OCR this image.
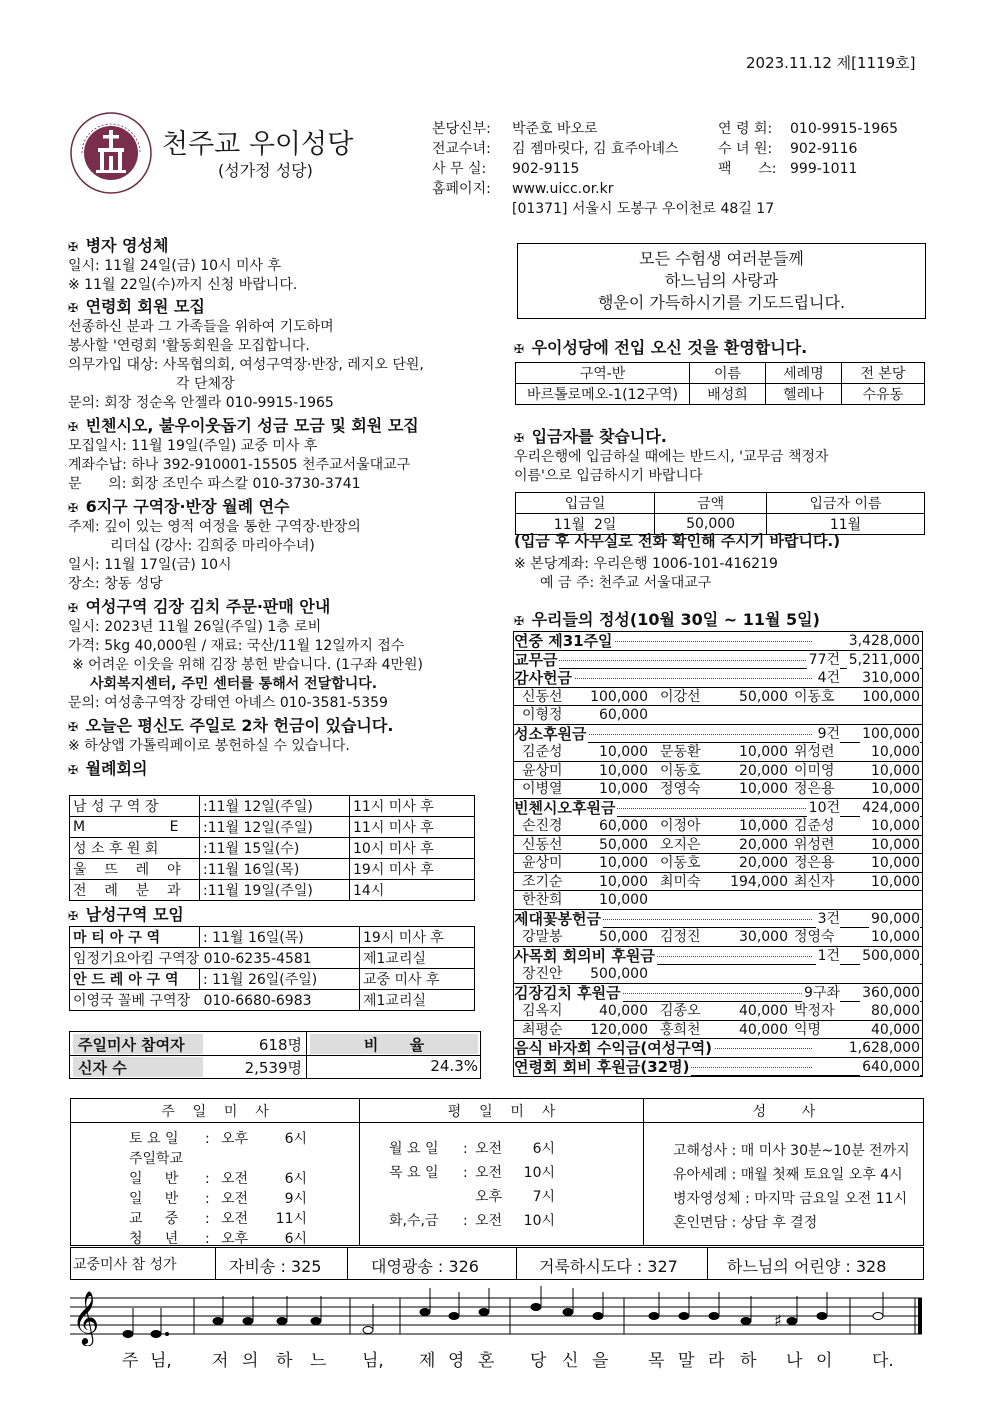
2023.11.12 제[1119호]
천주교 우이성당
(성가정 성당)
본당신부: 박준호 바오로
전교수녀: 김 젬마릿다, 김 효주아녜스
사 무 실: 902-9115
홈페이지: www.uicc.or.kr
[01371] 서울시 도봉구 우이천로 48길 17
연 령 회: 010-9915-1965
수 녀 원: 902-9116
팩      스: 999-1011
✠ 병자 영성체
일시: 11월 24일(금) 10시 미사 후
※ 11월 22일(수)까지 신청 바랍니다.
✠ 연령회 회원 모집
선종하신 분과 그 가족들을 위하여 기도하며
봉사할 '연령회 '활동회원을 모집합니다.
의무가입 대상: 사목협의회, 여성구역장·반장, 레지오 단원,
각 단체장
문의: 회장 정순옥 안젤라 010-9915-1965
✠ 빈첸시오, 불우이웃돕기 성금 모금 및 회원 모집
모집일시: 11월 19일(주일) 교중 미사 후
계좌수납: 하나 392-910001-15505 천주교서울대교구
문      의: 회장 조민수 파스칼 010-3730-3741
✠ 6지구 구역장·반장 월례 연수
주제: 깊이 있는 영적 여정을 통한 구역장·반장의
리더십 (강사: 김희중 마리아수녀)
일시: 11월 17일(금) 10시
장소: 창동 성당
✠ 여성구역 김장 김치 주문·판매 안내
일시: 2023년 11월 26일(주일) 1층 로비
가격: 5kg 40,000원 / 재료: 국산/11월 12일까지 접수
※ 어려운 이웃을 위해 김장 봉헌 받습니다. (1구좌 4만원)
사회복지센터, 주민 센터를 통해서 전달합니다.
문의: 여성총구역장 강태연 아녜스 010-3581-5359
✠ 오늘은 평신도 주일로 2차 헌금이 있습니다.
※ 하상앱 가톨릭페이로 봉헌하실 수 있습니다.
✠ 월례회의
남 성 구 역 장	:11월 12일(주일)	11시 미사 후
M                   E	:11월 12일(주일)	11시 미사 후
성 소 후 원 회	:11월 15일(수)	10시 미사 후
울    뜨    레    야	:11월 16일(목)	19시 미사 후
전    례    분    과	:11월 19일(주일)	14시
✠ 남성구역 모임
마 티 아 구 역	: 11월 16일(목)	19시 미사 후
임정기요아킴 구역장 010-6235-4581		제1교리실
안 드 레 아 구 역	: 11월 26일(주일)	교중 미사 후
이영국 꼴베 구역장   010-6680-6983		제1교리실
주일미사 참여자	618명	비      율
신자 수	2,539명	24.3%
모든 수험생 여러분들께
하느님의 사랑과
행운이 가득하시기를 기도드립니다.
✠ 우이성당에 전입 오신 것을 환영합니다.
구역-반	이름	세례명	전 본당
바르톨로메오-1(12구역)	배성희	헬레나	수유동
✠ 입금자를 찾습니다.
우리은행에 입금하실 때에는 반드시, '교무금 책정자
이름'으로 입금하시기 바랍니다
입금일	금액	입금자 이름
11월  2일	50,000	11월
(입금 후 사무실로 전화 확인해 주시기 바랍니다.)
※ 본당계좌: 우리은행 1006-101-416219
예 금 주: 천주교 서울대교구
✠ 우리들의 정성(10월 30일 ~ 11월 5일)
연중 제31주일	3,428,000
교무금	77건 5,211,000
감사헌금	4건 310,000
신동선 100,000 이강선	50,000 이동호 100,000
이형정	60,000
성소후원금	9건 100,000
김준성	10,000 문동환	10,000 위성련	10,000
윤상미	10,000 이동호	20,000 이미영	10,000
이병열	10,000 정영숙	10,000 정은용	10,000
빈첸시오후원금	10건 424,000
손진경	60,000 이정아	10,000 김준성	10,000
신동선	50,000 오지은	20,000 위성련	10,000
윤상미	10,000 이동호	20,000 정은용	10,000
조기순	10,000 최미숙 194,000 최신자	10,000
한찬희	10,000
제대꽃봉헌금	3건 90,000
강말봉	50,000 김정진	30,000 정영숙	10,000
사목회 회의비 후원금	1건 500,000
장진안 500,000
김장김치 후원금	9구좌 360,000
김옥지	40,000 김종오	40,000 박정자	80,000
최평순 120,000 홍희천	40,000 익명	40,000
음식 바자회 수익금(여성구역)	1,628,000
연령회 회비 후원금(32명)	640,000
주    일    미    사	평    일    미    사	성        사
토 요 일 : 오후	6시
주일학교
일     반 : 오전	6시
일     반 : 오전	9시
교     중 : 오전 11시
청     년 : 오후	6시
월 요 일 : 오전 6시
목 요 일 : 오전 10시
오후 7시
화,수,금 : 오전 10시
고해성사 : 매 미사 30분~10분 전까지
유아세례 : 매월 첫째 토요일 오후 4시
병자영성체 : 마지막 금요일 오전 11시
혼인면담 : 상담 후 결정
교중미사 참 성가	자비송 : 325	대영광송 : 326	거룩하시도다 : 327	하느님의 어린양 : 328
𝄞	♯
주 님, 저 의 하 느 님, 제 영 혼 당 신 을 목 말 라 하 나 이 다.
